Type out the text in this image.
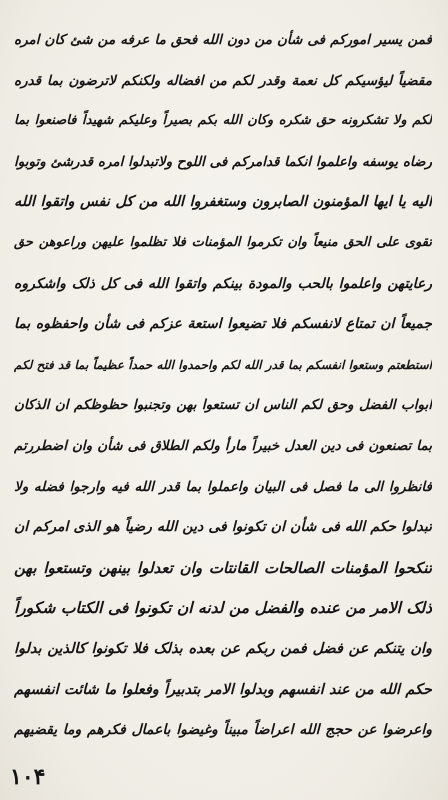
فمن يسير امورکم فی شأن من دون الله فحق ما عرفه من شئ کان امره
مقضیاً لیؤسیکم کل نعمة وقدر لکم من افضاله ولکنکم لاترضون بما قدره
لکم ولا تشکرونه حق شکره وکان الله بکم بصیراً وعلیکم شهیداً فاصنعوا بما
رضاه یوسفه واعلموا انکما قدامرکم فی اللوح ولاتبدلوا امره قدرشئ وتوبوا
الیه یا ایها المؤمنون الصابرون وستغفروا الله من کل نفس واتقوا الله
تقوی علی الحق منیعاً وان تکرموا المؤمنات فلا تظلموا علیهن وراعوهن حق
رعایتهن واعلموا بالحب والمودة بینکم واتقوا الله فی کل ذلک واشکروه
جمیعاً ان تمتاع لانفسکم فلا تضیعوا استعة عزکم فی شأن واحفظوه بما
استطعتم وستعوا انفسکم بما قدر الله لکم واحمدوا الله حمداً عظیماً بما قد فتح لکم
ابواب الفضل وحق لکم الناس ان تستعوا بهن وتجنبوا حظوظکم ان الذکان
بما تصنعون فی دین العدل خبیراً مارأ ولکم الطلاق فی شأن وان اضطررتم
فانظروا الی ما فصل فی البیان واعملوا بما قدر الله فیه وارجوا فضله ولا
تبدلوا حکم الله فی شأن ان تکونوا فی دین الله رضیاً هو الذی امرکم ان
تنکحوا المؤمنات الصالحات القانتات وان تعدلوا بینهن وتستعوا بهن
ذلک الامر من عنده والفضل من لدنه ان تکونوا فی الکتاب شکوراً
وان یتنکم عن فضل فمن ربکم عن بعده بذلک فلا تکونوا کالذین بدلوا
حکم الله من عند انفسهم وبدلوا الامر بتدبیراً وفعلوا ما شائت انفسهم
واعرضوا عن حجج الله اعراضاً مبیناً وغیضوا باعمال فکرهم وما یقضیهم
۱۰۴
